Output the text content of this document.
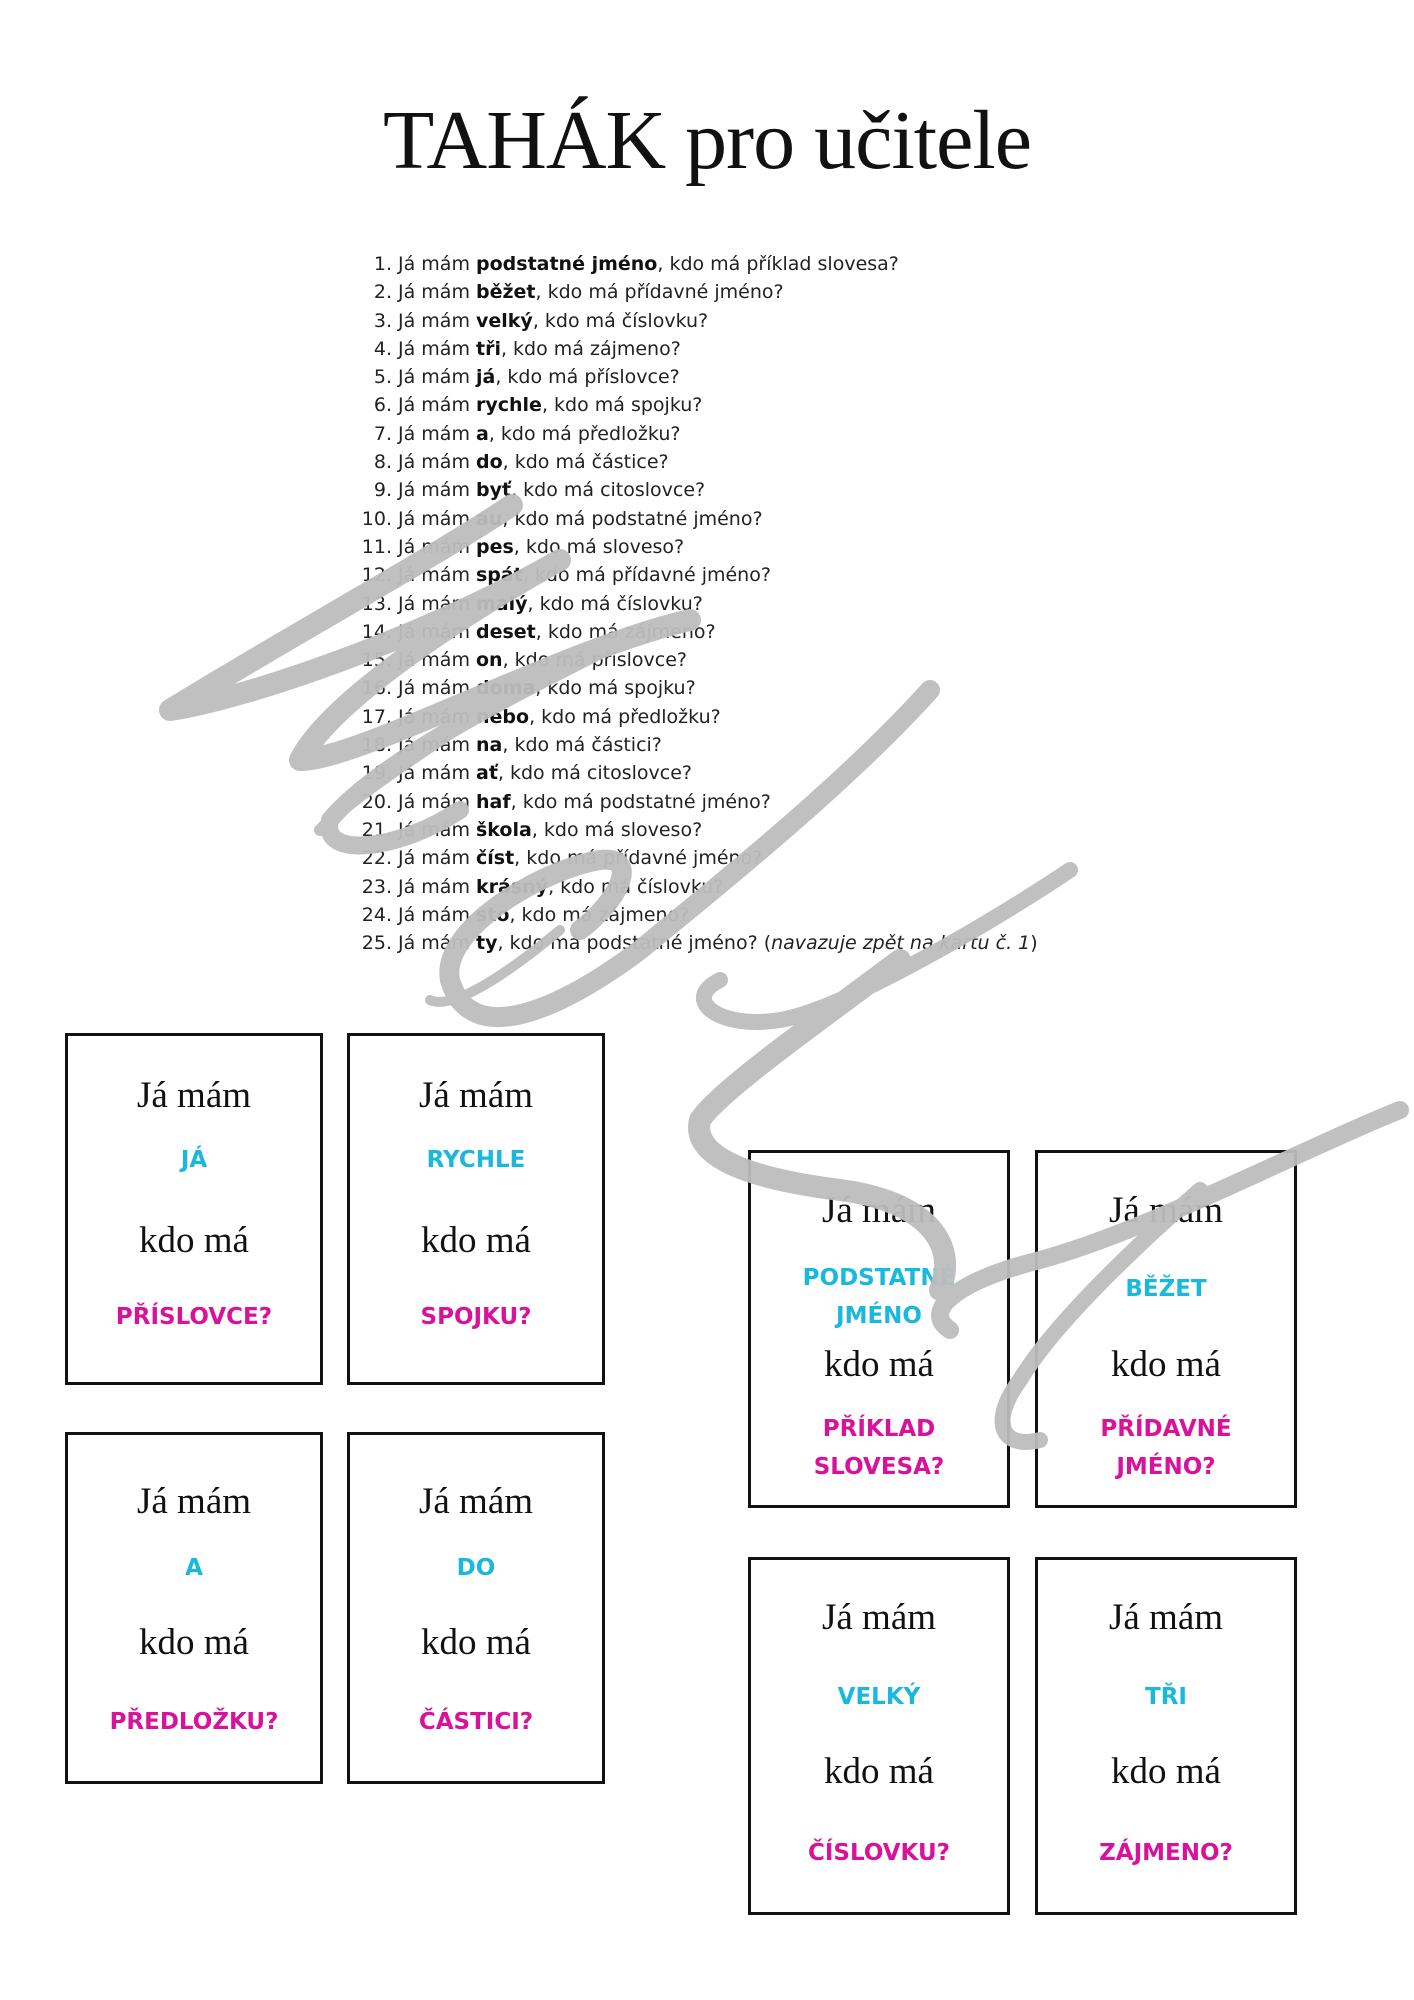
TAHÁK pro učitele
1. Já mám podstatné jméno, kdo má příklad slovesa?
2. Já mám běžet, kdo má přídavné jméno?
3. Já mám velký, kdo má číslovku?
4. Já mám tři, kdo má zájmeno?
5. Já mám já, kdo má příslovce?
6. Já mám rychle, kdo má spojku?
7. Já mám a, kdo má předložku?
8. Já mám do, kdo má částice?
9. Já mám byť, kdo má citoslovce?
10. Já mám au, kdo má podstatné jméno?
11. Já mám pes, kdo má sloveso?
12. Já mám spát, kdo má přídavné jméno?
13. Já mám malý, kdo má číslovku?
14. Já mám deset, kdo má zájmeno?
15. Já mám on, kdo má příslovce?
16. Já mám doma, kdo má spojku?
17. Já mám nebo, kdo má předložku?
18. Já mám na, kdo má částici?
19. Já mám ať, kdo má citoslovce?
20. Já mám haf, kdo má podstatné jméno?
21. Já mám škola, kdo má sloveso?
22. Já mám číst, kdo má přídavné jméno?
23. Já mám krásný, kdo má číslovku?
24. Já mám sto, kdo má zájmeno?
25. Já mám ty, kdo má podstatné jméno? (navazuje zpět na kartu č. 1)
Já mám
JÁ
kdo má
PŘÍSLOVCE?
Já mám
RYCHLE
kdo má
SPOJKU?
Já mám
A
kdo má
PŘEDLOŽKU?
Já mám
DO
kdo má
ČÁSTICI?
Já mám
PODSTATNÉ JMÉNO
kdo má
PŘÍKLAD SLOVESA?
Já mám
BĚŽET
kdo má
PŘÍDAVNÉ JMÉNO?
Já mám
VELKÝ
kdo má
ČÍSLOVKU?
Já mám
TŘI
kdo má
ZÁJMENO?
